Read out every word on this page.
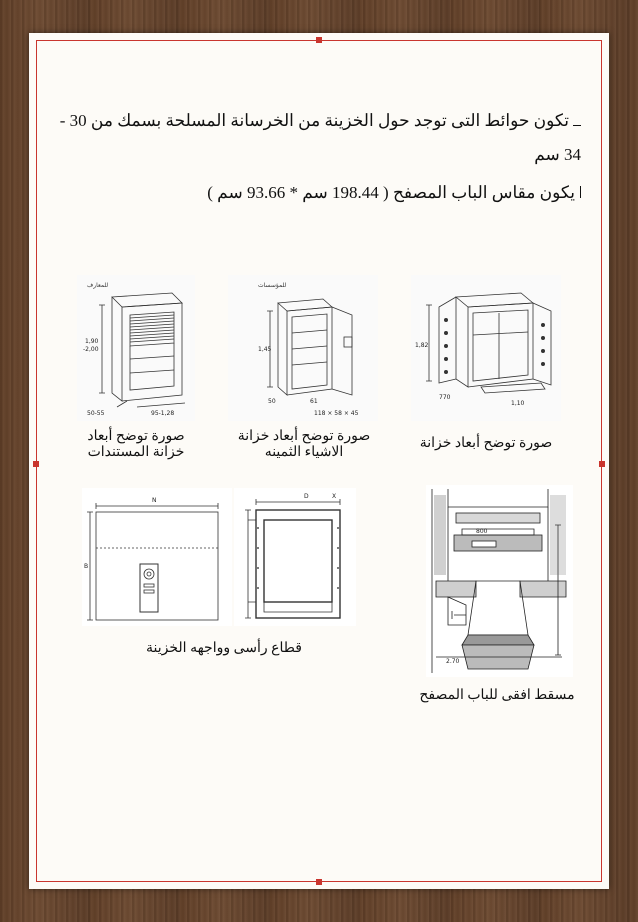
تكون حوائط التى توجد حول الخزينة من الخرسانة المسلحة بسمك من 30 -
34 سم
يكون مقاس الباب المصفح ( 198.44 سم * 93.66 سم )
للمعارف
1,90 -2,00
50-55	95-1,28
صورة توضح أبعاد
خزانة المستندات
للمؤسسات
1,45
50	61
118 × 58 × 45
صورة توضح أبعاد خزانة
الاشياء الثمينه
1,82
770
1,10
صورة توضح أبعاد خزانة
N
B
D	X
قطاع رأسى وواجهه الخزينة
800
2.70
مسقط افقى للباب المصفح
